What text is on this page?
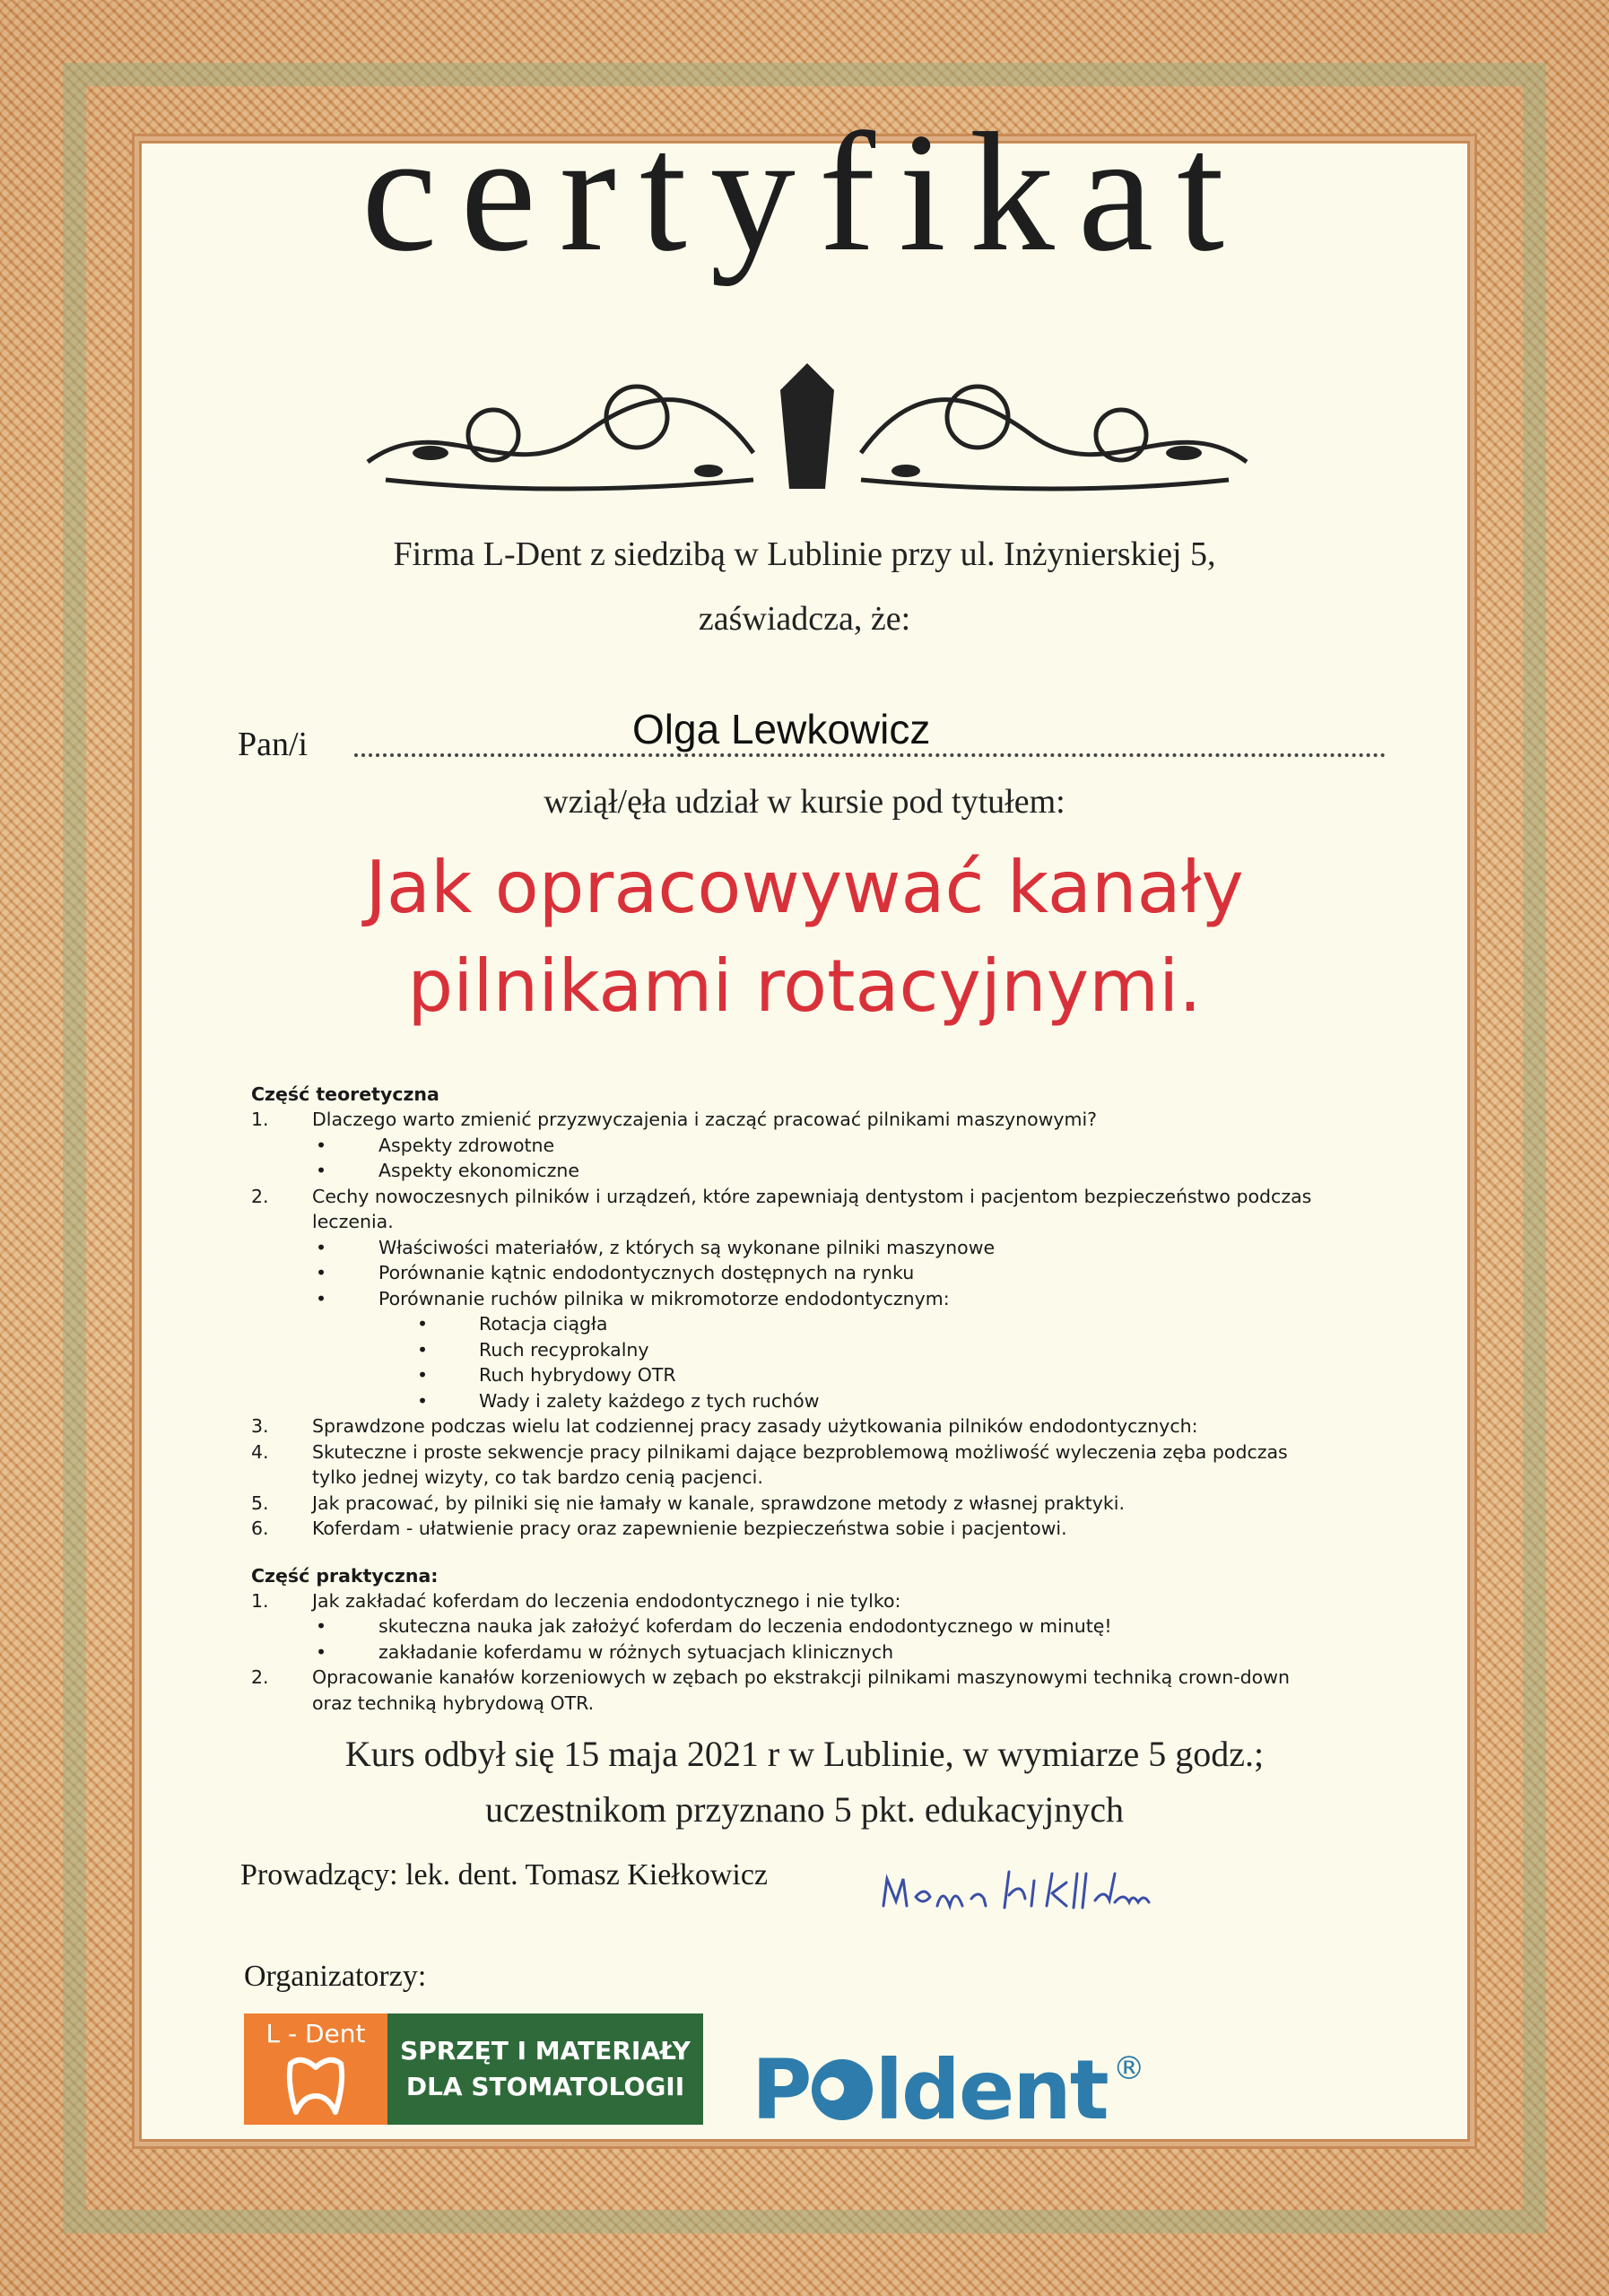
certyfikat
Firma L-Dent z siedzibą w Lublinie przy ul. Inżynierskiej 5,
zaświadcza, że:
Pan/i	Olga Lewkowicz
wziął/ęła udział w kursie pod tytułem:
Jak opracowywać kanały
pilnikami rotacyjnymi.
Część teoretyczna
1. Dlaczego warto zmienić przyzwyczajenia i zacząć pracować pilnikami maszynowymi?
• Aspekty zdrowotne
• Aspekty ekonomiczne
2. Cechy nowoczesnych pilników i urządzeń, które zapewniają dentystom i pacjentom bezpieczeństwo podczas
leczenia.
• Właściwości materiałów, z których są wykonane pilniki maszynowe
• Porównanie kątnic endodontycznych dostępnych na rynku
• Porównanie ruchów pilnika w mikromotorze endodontycznym:
• Rotacja ciągła
• Ruch recyprokalny
• Ruch hybrydowy OTR
• Wady i zalety każdego z tych ruchów
3. Sprawdzone podczas wielu lat codziennej pracy zasady użytkowania pilników endodontycznych:
4. Skuteczne i proste sekwencje pracy pilnikami dające bezproblemową możliwość wyleczenia zęba podczas
tylko jednej wizyty, co tak bardzo cenią pacjenci.
5. Jak pracować, by pilniki się nie łamały w kanale, sprawdzone metody z własnej praktyki.
6. Koferdam - ułatwienie pracy oraz zapewnienie bezpieczeństwa sobie i pacjentowi.
Część praktyczna:
1. Jak zakładać koferdam do leczenia endodontycznego i nie tylko:
• skuteczna nauka jak założyć koferdam do leczenia endodontycznego w minutę!
• zakładanie koferdamu w różnych sytuacjach klinicznych
2. Opracowanie kanałów korzeniowych w zębach po ekstrakcji pilnikami maszynowymi techniką crown-down
oraz techniką hybrydową OTR.
Kurs odbył się 15 maja 2021 r w Lublinie, w wymiarze 5 godz.;
uczestnikom przyznano 5 pkt. edukacyjnych
Prowadzący: lek. dent. Tomasz Kiełkowicz
Organizatorzy:
L - Dent
SPRZĘT I MATERIAŁY
DLA STOMATOLOGII P ldent ®
